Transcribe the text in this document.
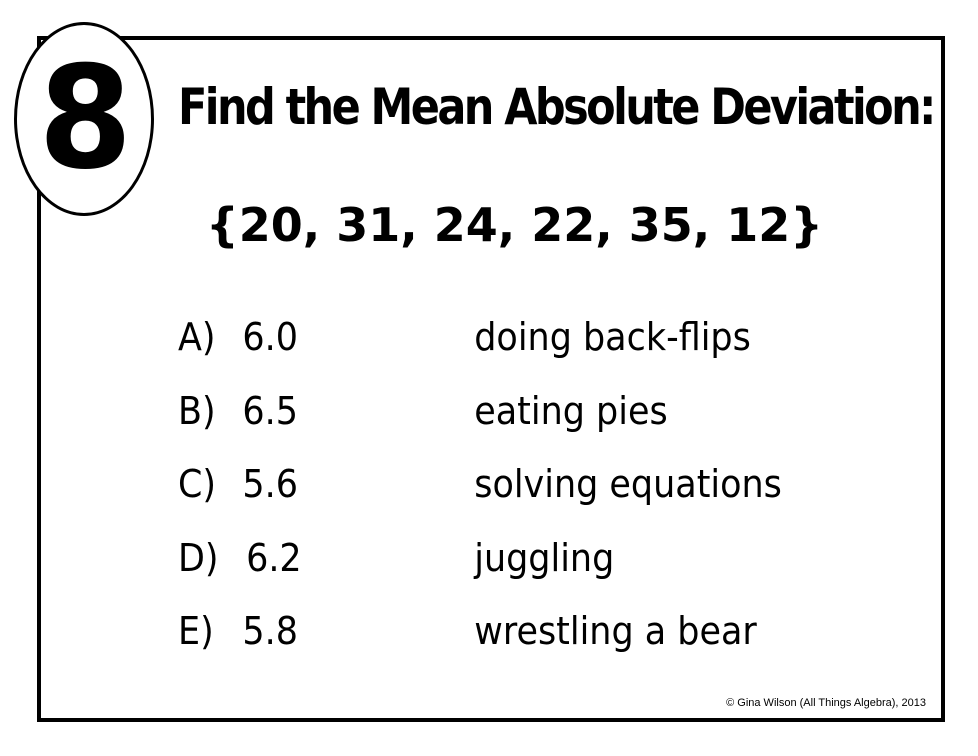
8 Find the Mean Absolute Deviation:
{20, 31, 24, 22, 35, 12}
A) 6.0	doing back-flips
B) 6.5	eating pies
C) 5.6	solving equations
D) 6.2	juggling
E) 5.8	wrestling a bear
© Gina Wilson (All Things Algebra), 2013
